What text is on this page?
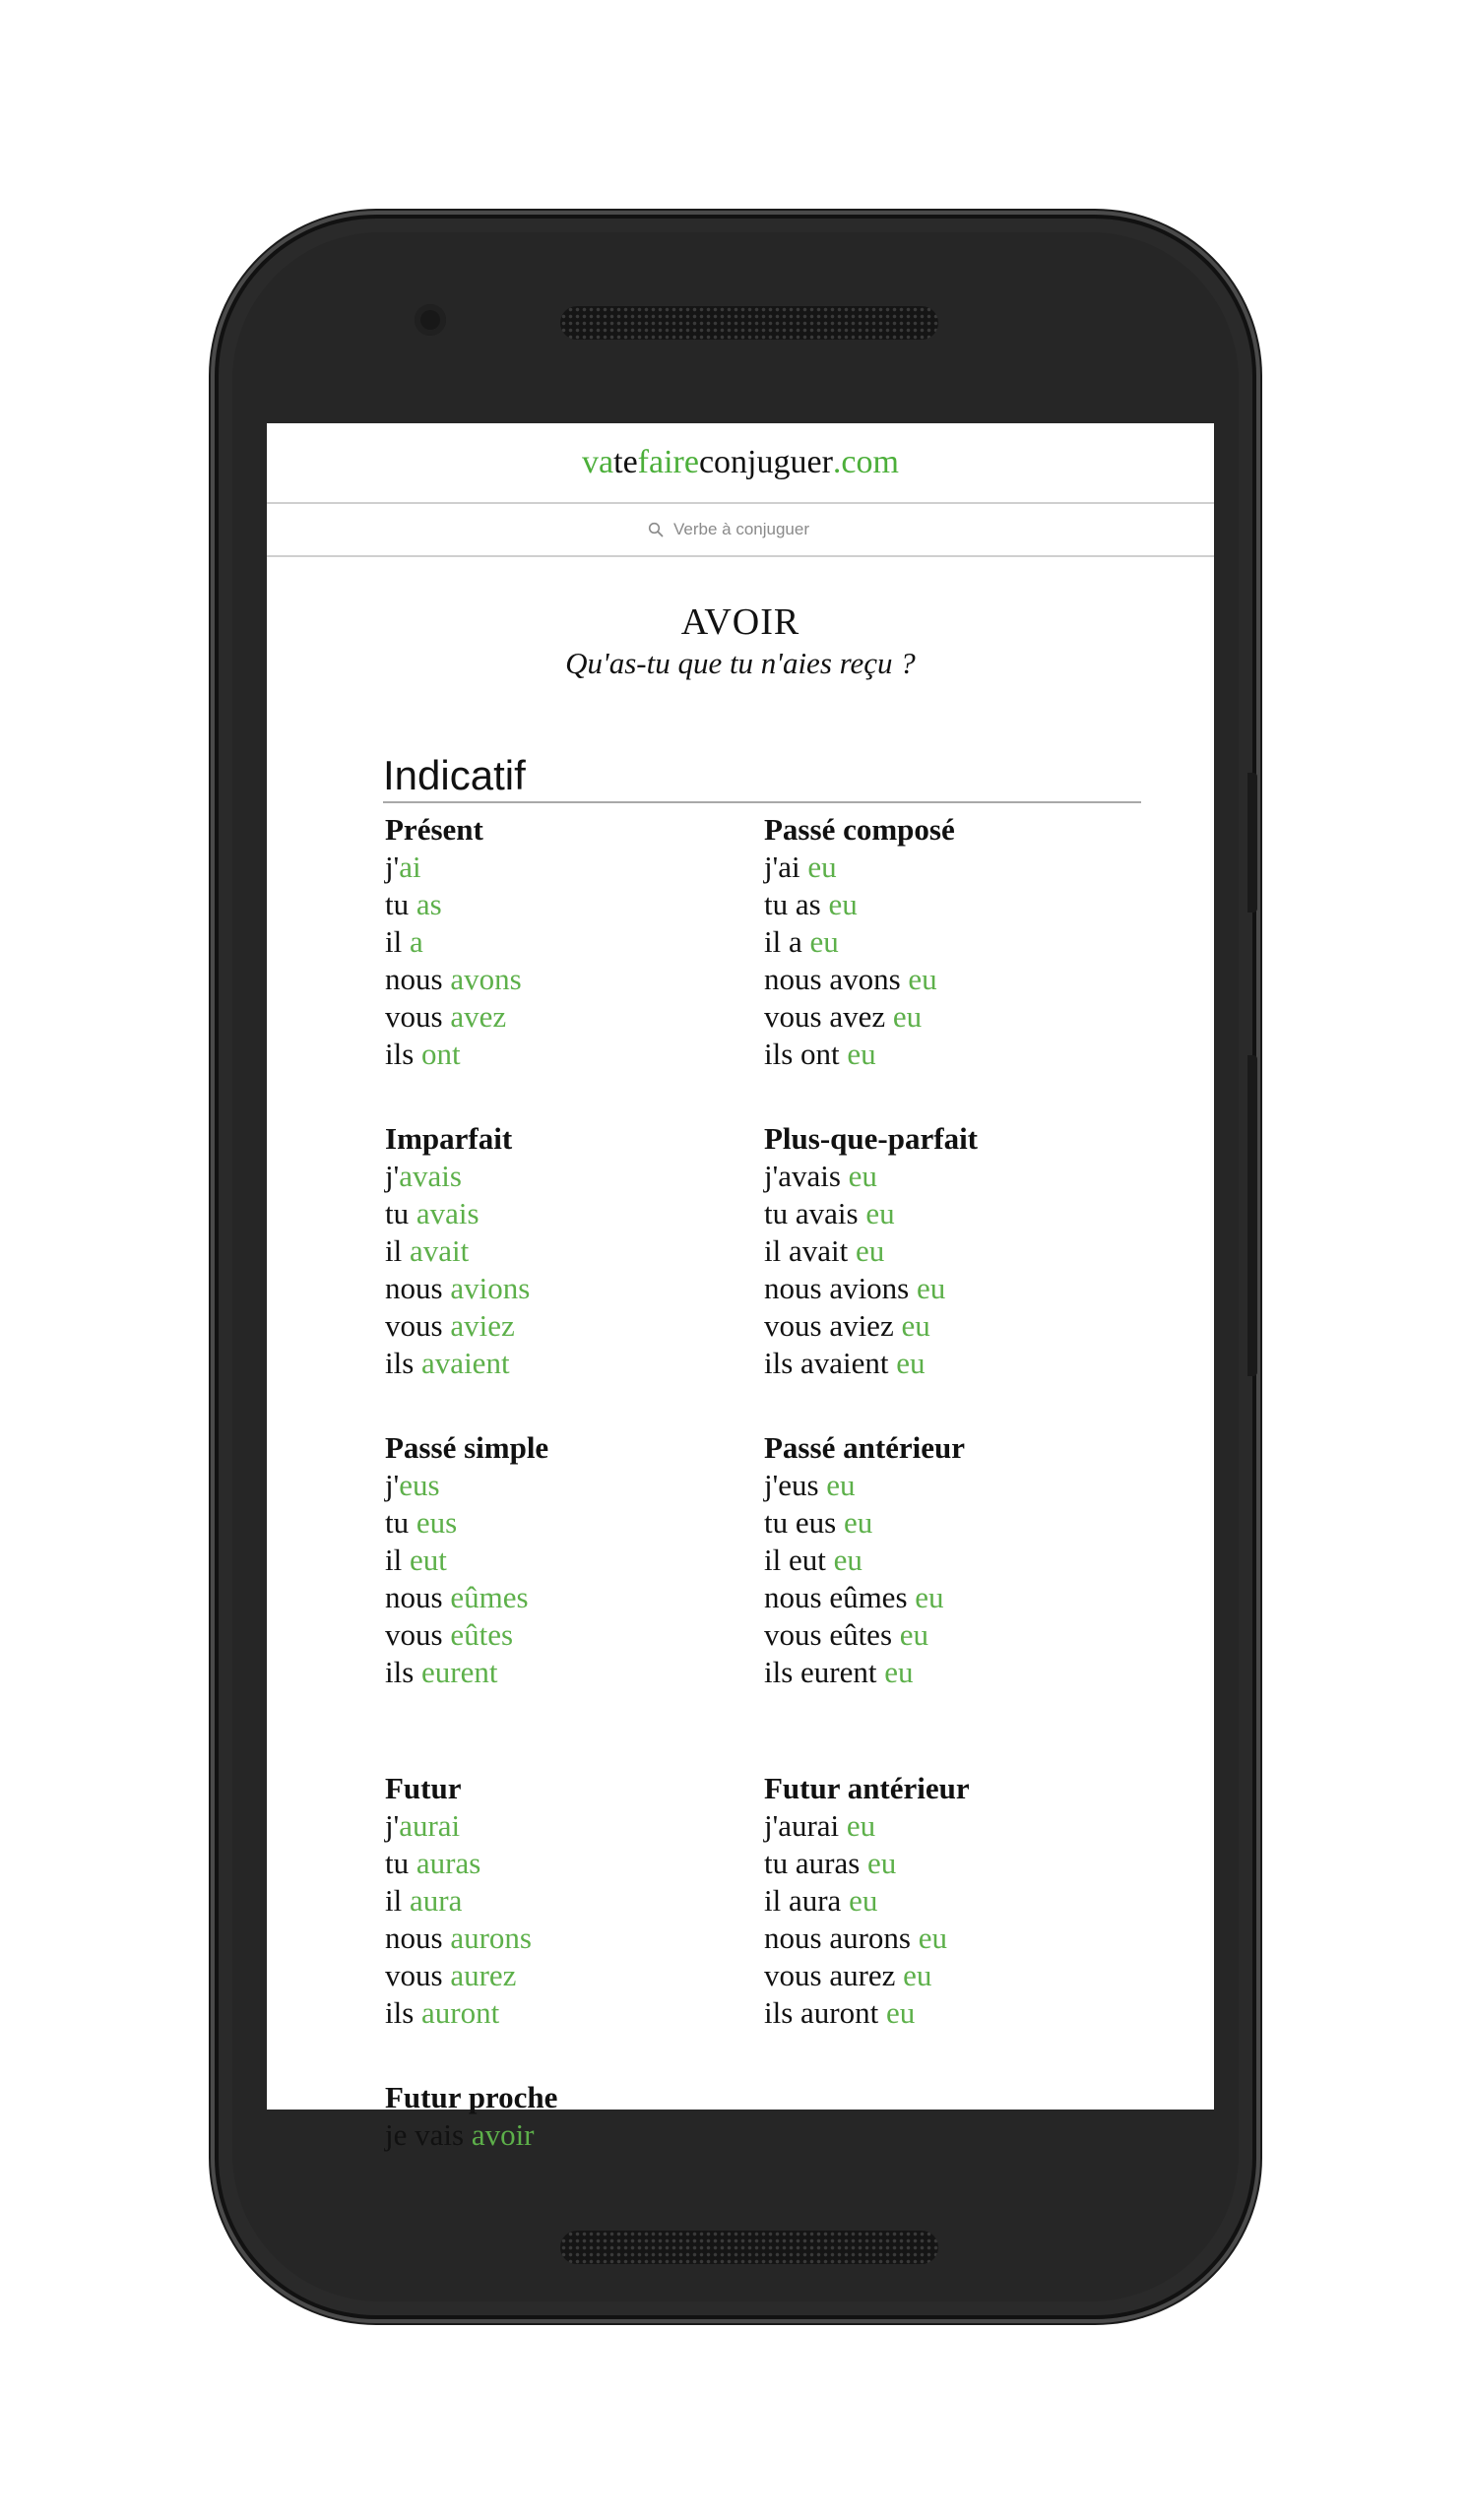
va te faire conjuguer .com
Verbe à conjuguer
AVOIR
Qu'as-tu que tu n'aies reçu ?
Indicatif
Présent
j'ai
tu as
il a
nous avons
vous avez
ils ont
Passé composé
j'ai eu
tu as eu
il a eu
nous avons eu
vous avez eu
ils ont eu
Imparfait
j'avais
tu avais
il avait
nous avions
vous aviez
ils avaient
Plus-que-parfait
j'avais eu
tu avais eu
il avait eu
nous avions eu
vous aviez eu
ils avaient eu
Passé simple
j'eus
tu eus
il eut
nous eûmes
vous eûtes
ils eurent
Passé antérieur
j'eus eu
tu eus eu
il eut eu
nous eûmes eu
vous eûtes eu
ils eurent eu
Futur
j'aurai
tu auras
il aura
nous aurons
vous aurez
ils auront
Futur antérieur
j'aurai eu
tu auras eu
il aura eu
nous aurons eu
vous aurez eu
ils auront eu
Futur proche
je vais avoir
